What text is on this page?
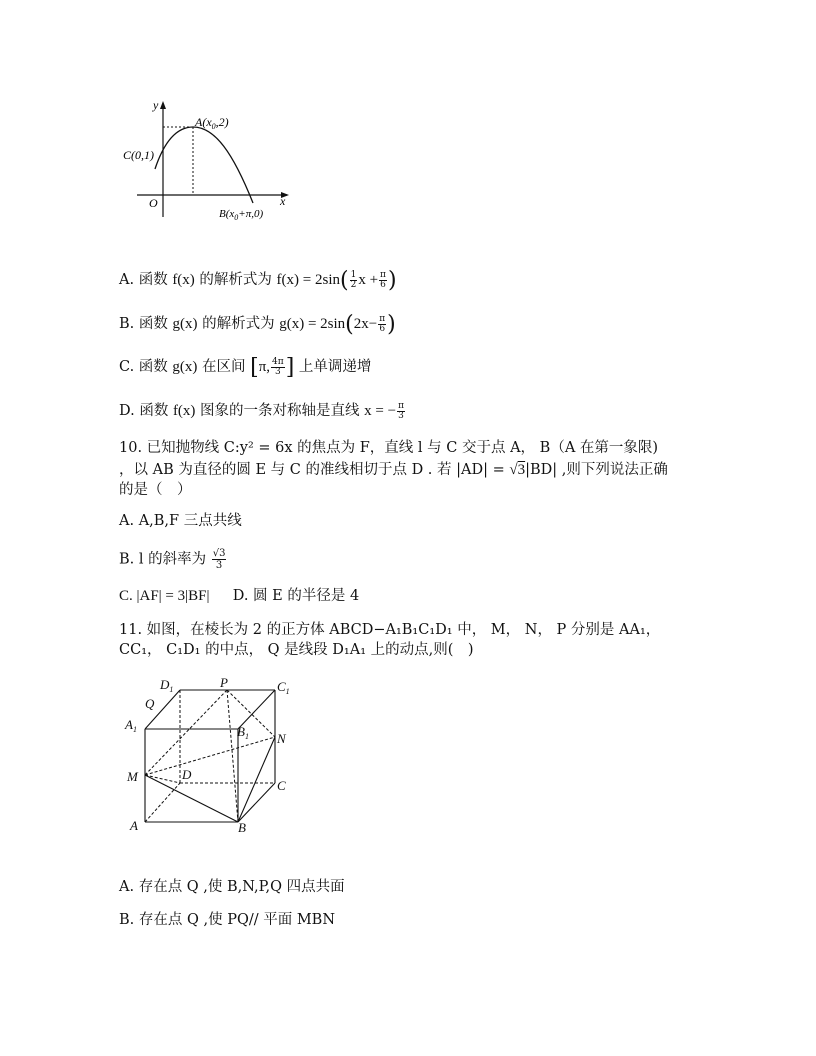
y
x
O
C(0,1)
$A(x_0,2)$
$B(x_0+\pi,0)$
A. 函数 f(x) 的解析式为 $f(x) = 2\sin( \frac{1}{2}$ $x + \frac{\pi}{6}$ )
B. 函数 g(x) 的解析式为 $g(x) = 2\sin(2x- \frac{\pi}{6}$ )
C. 函数 g(x) 在区间 [π, $\frac{4\pi}{3}$ ] 上单调递增
D. 函数 f(x) 图象的一条对称轴是直线 x = − $\frac{\pi}{3}$
10. 已知抛物线 C:y² = 6x 的焦点为 F，直线 l 与 C 交于点 A， B（A 在第一象限)
，以 AB 为直径的圆 E 与 C 的准线相切于点 D . 若 |AD| = √3|BD| ,则下列说法正确
的是（　）
A. A,B,F 三点共线
B. l 的斜率为 $\frac{√3}{3}$
C. |AF| = 3|BF| D. 圆 E 的半径是 4
11. 如图，在棱长为 2 的正方体 ABCD−A₁B₁C₁D₁ 中， M， N， P 分别是 AA₁，
CC₁， C₁D₁ 的中点， Q 是线段 D₁A₁ 上的动点,则(　)
$D_1$	P	$C_1$
Q
$A_1$	$B_1$ N
M	D
C
A	B
A. 存在点 Q ,使 B,N,P,Q 四点共面
B. 存在点 Q ,使 PQ// 平面 MBN
